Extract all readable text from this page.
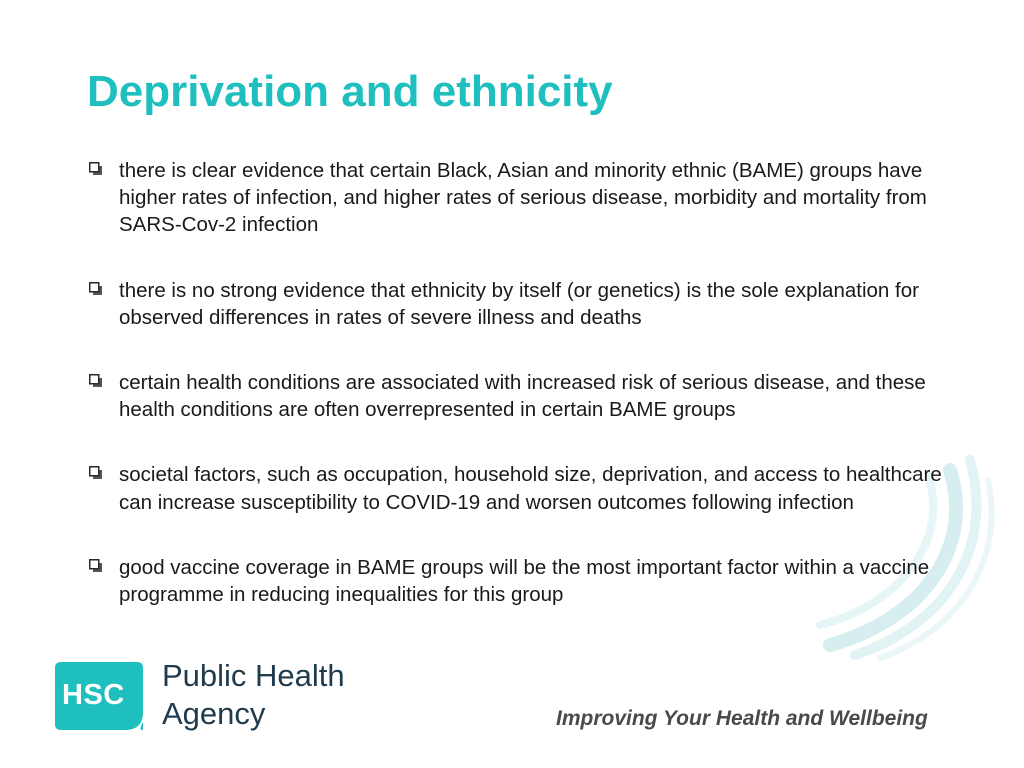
Deprivation and ethnicity
there is clear evidence that certain Black, Asian and minority ethnic (BAME) groups have higher rates of infection, and higher rates of serious disease, morbidity and mortality from SARS-Cov-2 infection
there is no strong evidence that ethnicity by itself (or genetics) is the sole explanation for observed differences in rates of severe illness and deaths
certain health conditions are associated with increased risk of serious disease, and these health conditions are often overrepresented in certain BAME groups
societal factors, such as occupation, household size, deprivation, and access to healthcare can increase susceptibility to COVID-19 and worsen outcomes following infection
good vaccine coverage in BAME groups will be the most important factor within a vaccine programme in reducing inequalities for this group
HSC
Public Health
Agency	Improving Your Health and Wellbeing
